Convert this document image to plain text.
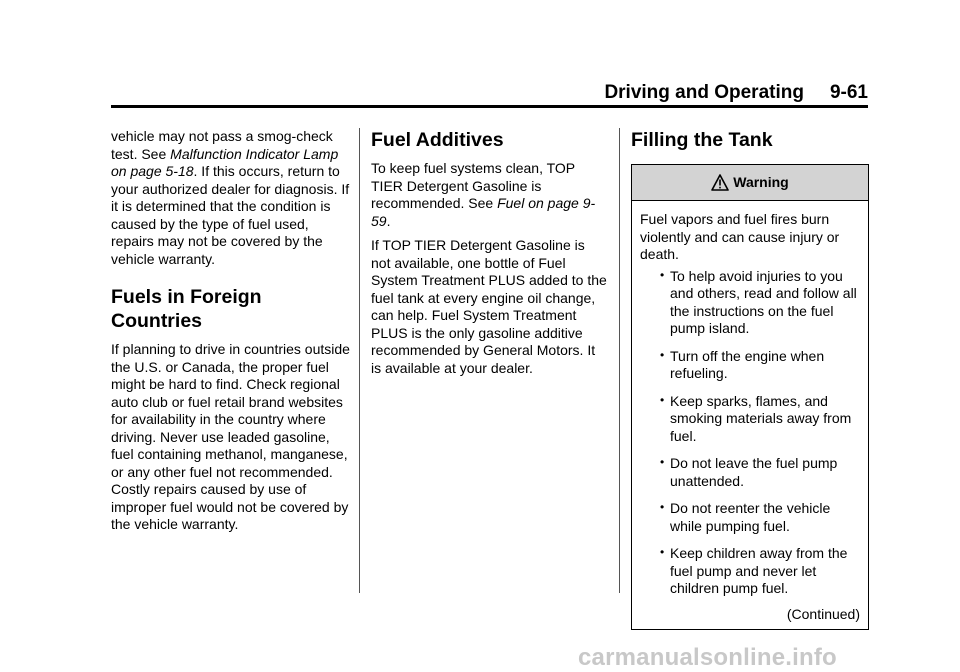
Driving and Operating 9-61

vehicle may not pass a smog-check test. See Malfunction Indicator Lamp on page 5-18. If this occurs, return to your authorized dealer for diagnosis. If it is determined that the condition is caused by the type of fuel used, repairs may not be covered by the vehicle warranty.

Fuels in Foreign Countries

If planning to drive in countries outside the U.S. or Canada, the proper fuel might be hard to find. Check regional auto club or fuel retail brand websites for availability in the country where driving. Never use leaded gasoline, fuel containing methanol, manganese, or any other fuel not recommended. Costly repairs caused by use of improper fuel would not be covered by the vehicle warranty.

Fuel Additives

To keep fuel systems clean, TOP TIER Detergent Gasoline is recommended. See Fuel on page 9-59.

If TOP TIER Detergent Gasoline is not available, one bottle of Fuel System Treatment PLUS added to the fuel tank at every engine oil change, can help. Fuel System Treatment PLUS is the only gasoline additive recommended by General Motors. It is available at your dealer.

Filling the Tank
Warning

Fuel vapors and fuel fires burn violently and can cause injury or death.

• To help avoid injuries to you and others, read and follow all the instructions on the fuel pump island.
• Turn off the engine when refueling.
• Keep sparks, flames, and smoking materials away from fuel.
• Do not leave the fuel pump unattended.
• Do not reenter the vehicle while pumping fuel.
• Keep children away from the fuel pump and never let children pump fuel.
(Continued)
carmanualsonline.info
